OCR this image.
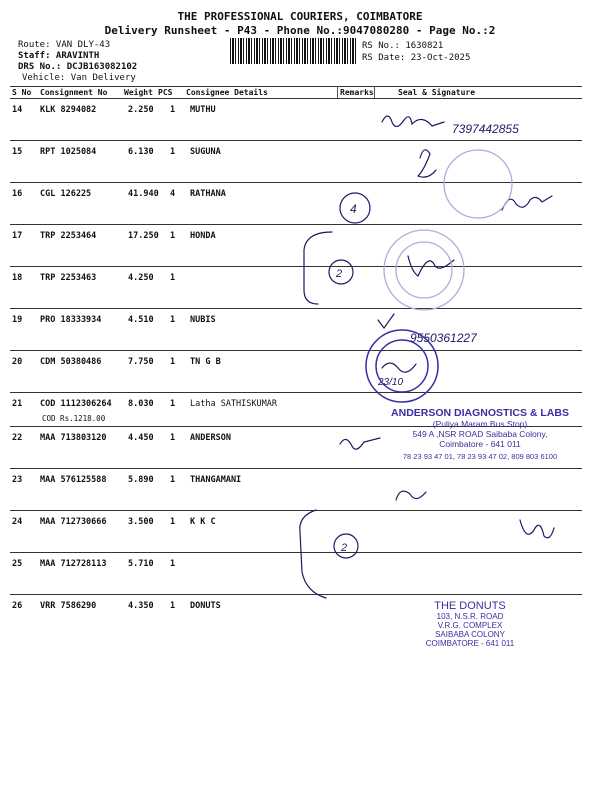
THE PROFESSIONAL COURIERS, COIMBATORE
Delivery Runsheet - P43 - Phone No.:9047080280 - Page No.:2
Route: VAN DLY-43
Staff: ARAVINTH
DRS No.: DCJB163082102
Vehicle: Van Delivery
RS No.: 1630821
RS Date: 23-Oct-2025
S No Consignment No Weight PCS Consignee Details	Remarks	Seal & Signature
14 KLK 8294082	2.250 1 MUTHU
15 RPT 1025084	6.130 1 SUGUNA
16 CGL 126225	41.940 4 RATHANA
17 TRP 2253464	17.250 1 HONDA
18 TRP 2253463	4.250 1
19 PRO 18333934	4.510 1 NUBIS
20 CDM 50380486	7.750 1 TN G B
21 COD 1112306264 8.030 1 Latha SATHISKUMAR
COD Rs.1218.00
22 MAA 713803120	4.450 1 ANDERSON
23 MAA 576125588	5.890 1 THANGAMANI
24 MAA 712730666	3.500 1 K K C
25 MAA 712728113	5.710 1
26 VRR 7586290	4.350 1 DONUTS
7397442855
9550361227
4
2
2
23/10
ANDERSON DIAGNOSTICS & LABS
(Puliya Maram Bus Stop)
549 A ,NSR ROAD Saibaba Colony,
Coimbatore - 641 011
78 23 93 47 01, 78 23 93 47 02, 809 803 6100
THE DONUTS
103, N.S.R. ROAD
V.R.G. COMPLEX
SAIBABA COLONY
COIMBATORE - 641 011
